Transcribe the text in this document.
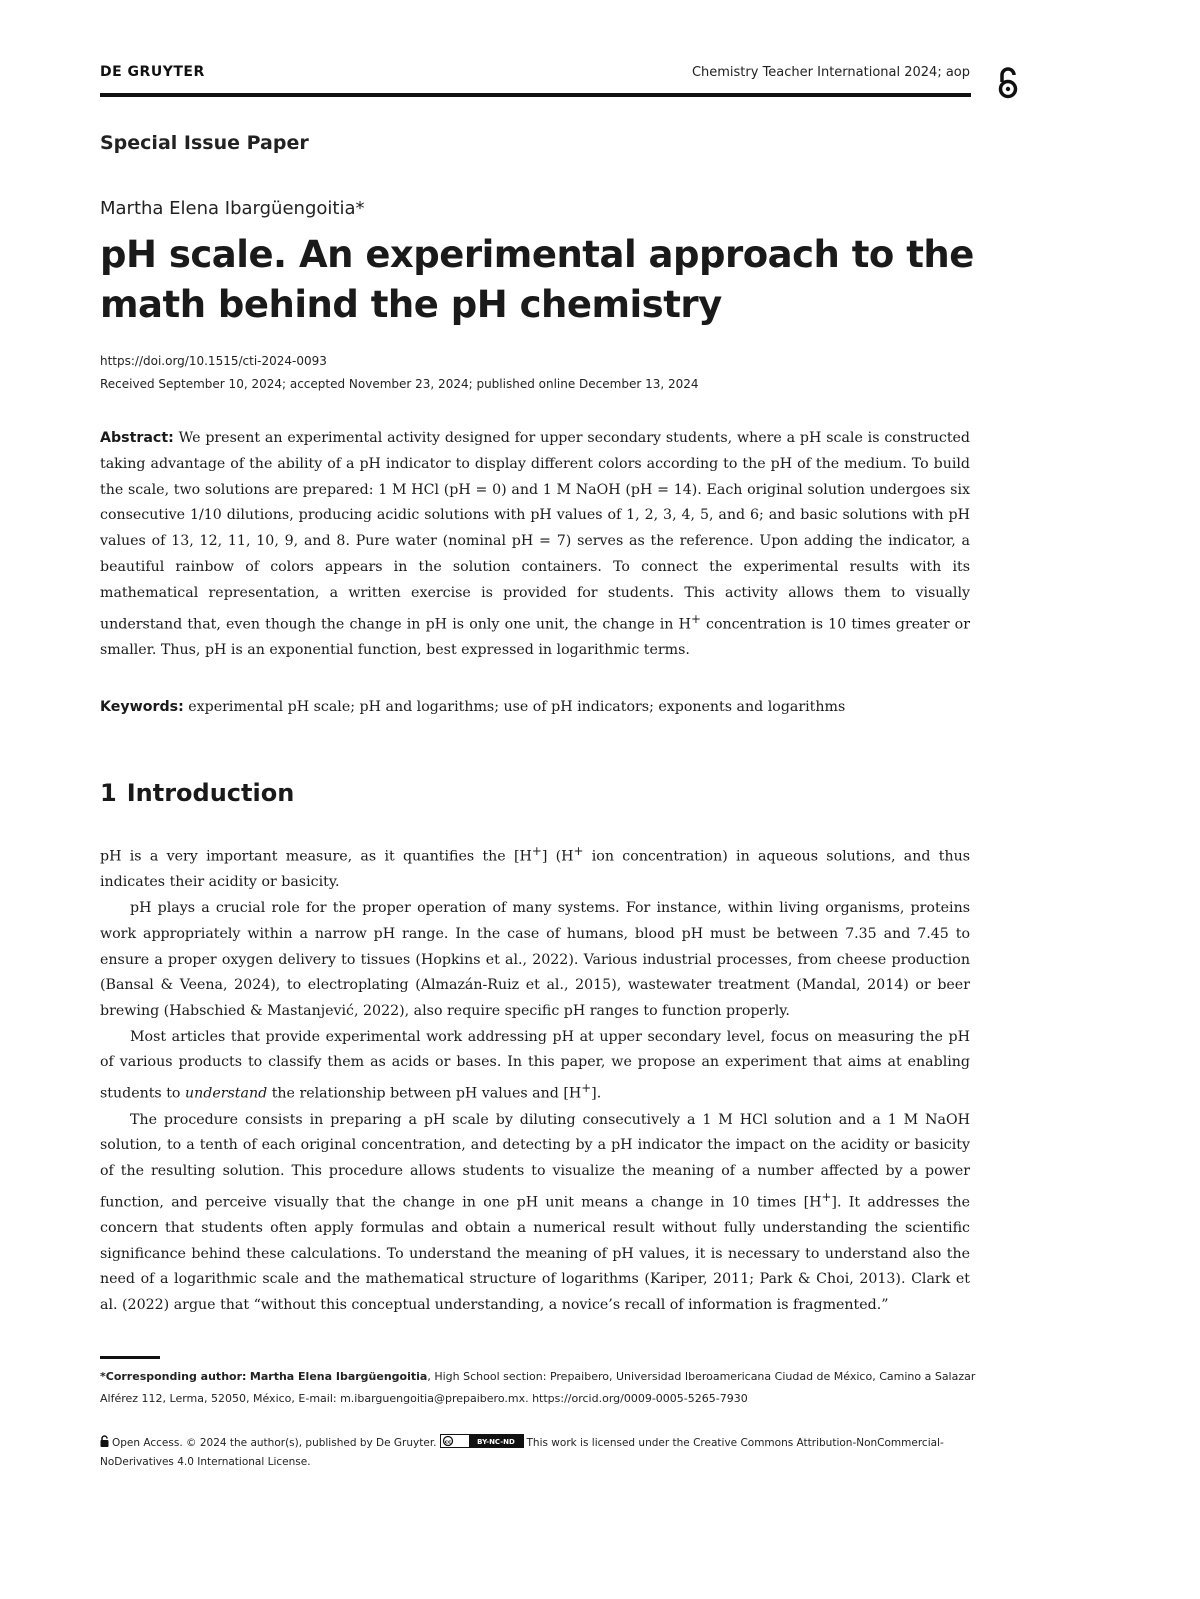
DE GRUYTER	Chemistry Teacher International 2024; aop
Special Issue Paper
Martha Elena Ibargüengoitia*
pH scale. An experimental approach to the
math behind the pH chemistry
https://doi.org/10.1515/cti-2024-0093
Received September 10, 2024; accepted November 23, 2024; published online December 13, 2024

Abstract: We present an experimental activity designed for upper secondary students, where a pH scale is constructed taking advantage of the ability of a pH indicator to display different colors according to the pH of the medium. To build the scale, two solutions are prepared: 1 M HCl (pH = 0) and 1 M NaOH (pH = 14). Each original solution undergoes six consecutive 1/10 dilutions, producing acidic solutions with pH values of 1, 2, 3, 4, 5, and 6; and basic solutions with pH values of 13, 12, 11, 10, 9, and 8. Pure water (nominal pH = 7) serves as the reference. Upon adding the indicator, a beautiful rainbow of colors appears in the solution containers. To connect the experimental results with its mathematical representation, a written exercise is provided for students. This activity allows them to visually understand that, even though the change in pH is only one unit, the change in H+ concentration is 10 times greater or smaller. Thus, pH is an exponential function, best expressed in logarithmic terms.

Keywords: experimental pH scale; pH and logarithms; use of pH indicators; exponents and logarithms

1 Introduction

pH is a very important measure, as it quantifies the [H+] (H+ ion concentration) in aqueous solutions, and thus indicates their acidity or basicity.

pH plays a crucial role for the proper operation of many systems. For instance, within living organisms, proteins work appropriately within a narrow pH range. In the case of humans, blood pH must be between 7.35 and 7.45 to ensure a proper oxygen delivery to tissues (Hopkins et al., 2022). Various industrial processes, from cheese production (Bansal & Veena, 2024), to electroplating (Almazán-Ruiz et al., 2015), wastewater treatment (Mandal, 2014) or beer brewing (Habschied & Mastanjević, 2022), also require specific pH ranges to function properly.

Most articles that provide experimental work addressing pH at upper secondary level, focus on measuring the pH of various products to classify them as acids or bases. In this paper, we propose an experiment that aims at enabling students to understand the relationship between pH values and [H+].

The procedure consists in preparing a pH scale by diluting consecutively a 1 M HCl solution and a 1 M NaOH solution, to a tenth of each original concentration, and detecting by a pH indicator the impact on the acidity or basicity of the resulting solution. This procedure allows students to visualize the meaning of a number affected by a power function, and perceive visually that the change in one pH unit means a change in 10 times [H+]. It addresses the concern that students often apply formulas and obtain a numerical result without fully understanding the scientific significance behind these calculations. To understand the meaning of pH values, it is necessary to understand also the need of a logarithmic scale and the mathematical structure of logarithms (Kariper, 2011; Park & Choi, 2013). Clark et al. (2022) argue that “without this conceptual understanding, a novice’s recall of information is fragmented.”

*Corresponding author: Martha Elena Ibargüengoitia, High School section: Prepaibero, Universidad Iberoamericana Ciudad de México, Camino a Salazar Alférez 112, Lerma, 52050, México, E-mail: m.ibarguengoitia@prepaibero.mx. https://orcid.org/0009-0005-5265-7930
Open Access. © 2024 the author(s), published by De Gruyter. cc	BY-NC-ND This work is licensed under the Creative Commons Attribution-NonCommercial-NoDerivatives 4.0 International License.
